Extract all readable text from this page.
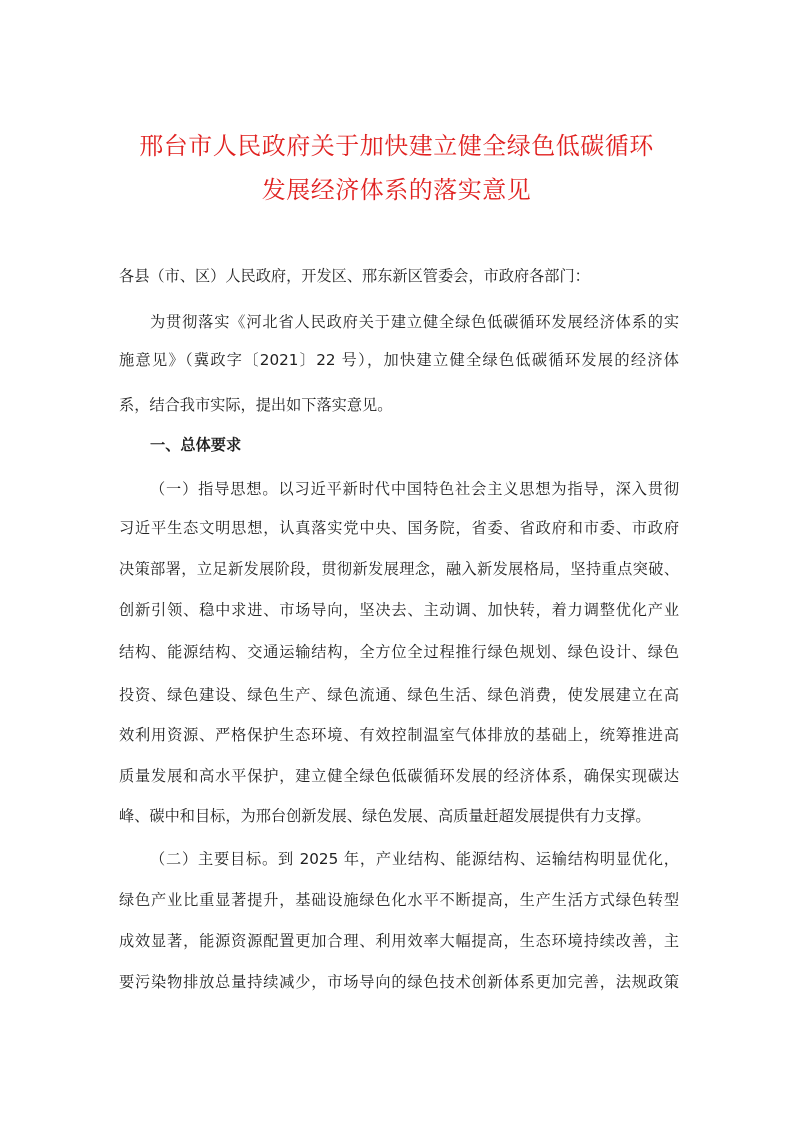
邢台市人民政府关于加快建立健全绿色低碳循环
发展经济体系的落实意见
各县（市、区）人民政府，开发区、邢东新区管委会，市政府各部门：
为贯彻落实《河北省人民政府关于建立健全绿色低碳循环发展经济体系的实
施意见》（冀政字〔2021〕22 号），加快建立健全绿色低碳循环发展的经济体
系，结合我市实际，提出如下落实意见。
一、总体要求
（一）指导思想。以习近平新时代中国特色社会主义思想为指导，深入贯彻
习近平生态文明思想，认真落实党中央、国务院，省委、省政府和市委、市政府
决策部署，立足新发展阶段，贯彻新发展理念，融入新发展格局，坚持重点突破、
创新引领、稳中求进、市场导向，坚决去、主动调、加快转，着力调整优化产业
结构、能源结构、交通运输结构，全方位全过程推行绿色规划、绿色设计、绿色
投资、绿色建设、绿色生产、绿色流通、绿色生活、绿色消费，使发展建立在高
效利用资源、严格保护生态环境、有效控制温室气体排放的基础上，统筹推进高
质量发展和高水平保护，建立健全绿色低碳循环发展的经济体系，确保实现碳达
峰、碳中和目标，为邢台创新发展、绿色发展、高质量赶超发展提供有力支撑。
（二）主要目标。到 2025 年，产业结构、能源结构、运输结构明显优化，
绿色产业比重显著提升，基础设施绿色化水平不断提高，生产生活方式绿色转型
成效显著，能源资源配置更加合理、利用效率大幅提高，生态环境持续改善，主
要污染物排放总量持续减少，市场导向的绿色技术创新体系更加完善，法规政策
